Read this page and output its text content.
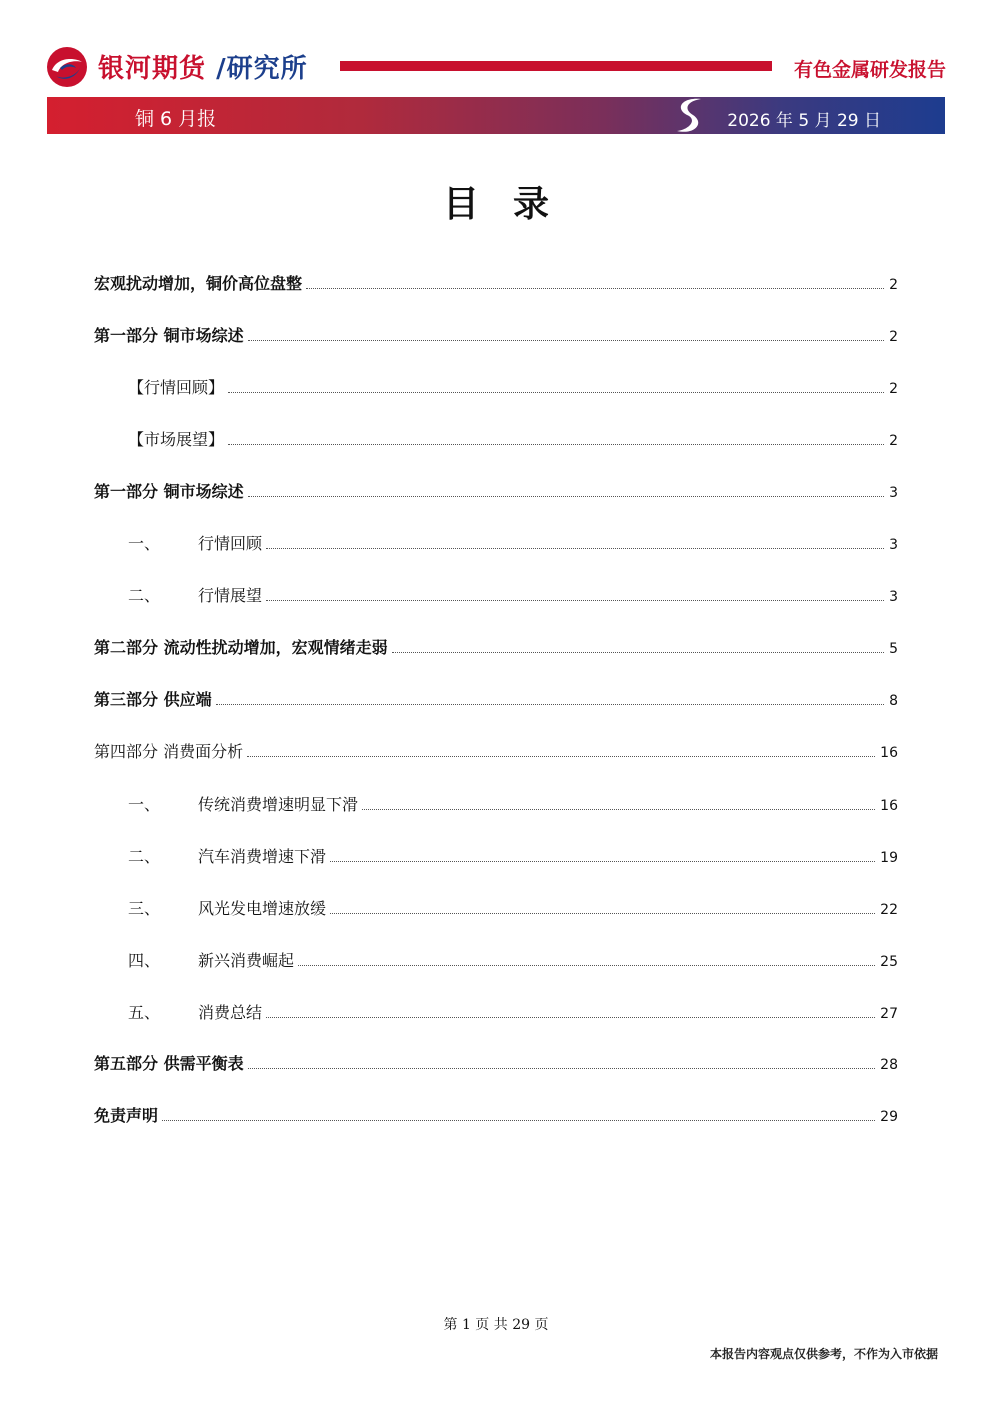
银河期货 /研究所	有色金属研发报告
铜 6 月报	2026 年 5 月 29 日
目录
宏观扰动增加，铜价高位盘整	2
第一部分 铜市场综述	2
【行情回顾】	2
【市场展望】	2
第一部分 铜市场综述	3
一、 行情回顾	3
二、 行情展望	3
第二部分 流动性扰动增加，宏观情绪走弱	5
第三部分 供应端	8
第四部分 消费面分析	16
一、 传统消费增速明显下滑	16
二、 汽车消费增速下滑	19
三、 风光发电增速放缓	22
四、 新兴消费崛起	25
五、 消费总结	27
第五部分 供需平衡表	28
免责声明	29
第 1 页 共 29 页
本报告内容观点仅供参考，不作为入市依据
